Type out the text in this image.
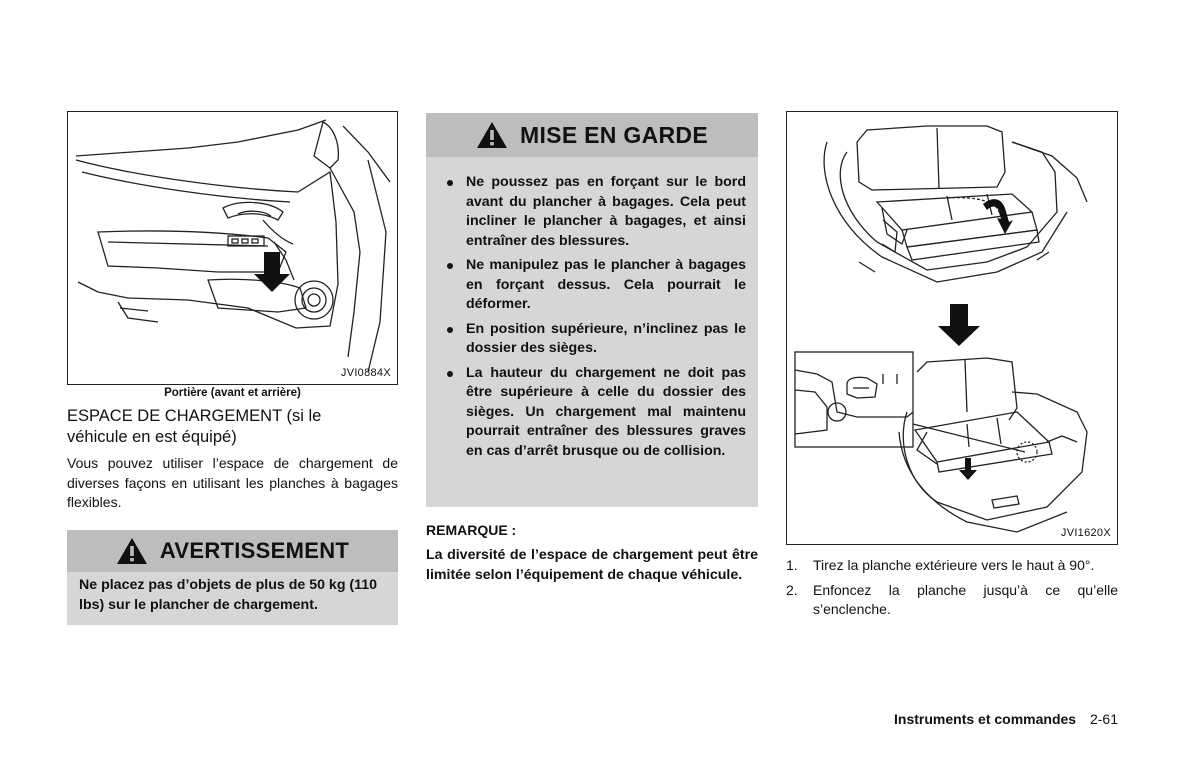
JVI0884X
Portière (avant et arrière)
ESPACE DE CHARGEMENT (si le véhicule en est équipé)
Vous pouvez utiliser l’espace de chargement de diverses façons en utilisant les planches à bagages flexibles.
AVERTISSEMENT
Ne placez pas d’objets de plus de 50 kg (110 lbs) sur le plancher de chargement.
MISE EN GARDE
Ne poussez pas en forçant sur le bord avant du plancher à bagages. Cela peut incliner le plancher à bagages, et ainsi entraîner des blessures.
Ne manipulez pas le plancher à bagages en forçant dessus. Cela pourrait le déformer.
En position supérieure, n’inclinez pas le dossier des sièges.
La hauteur du chargement ne doit pas être supérieure à celle du dossier des sièges. Un chargement mal maintenu pourrait entraîner des blessures graves en cas d’arrêt brusque ou de collision.
REMARQUE :
La diversité de l’espace de chargement peut être limitée selon l’équipement de chaque véhicule.
JVI1620X
1. Tirez la planche extérieure vers le haut à 90°.
2. Enfoncez la planche jusqu’à ce qu’elle s’enclenche.
Instruments et commandes 2-61
